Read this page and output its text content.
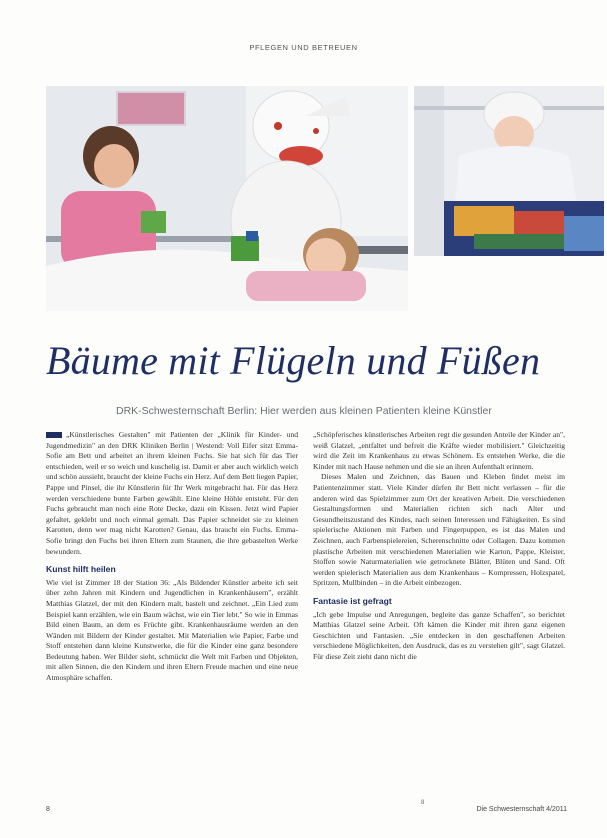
PFLEGEN UND BETREUEN
Bäume mit Flügeln und Füßen
DRK-Schwesternschaft Berlin: Hier werden aus kleinen Patienten kleine Künstler

„Künstlerisches Gestalten" mit Patienten der „Klinik für Kinder- und Jugendmedizin" an den DRK Kliniken Berlin | Westend: Voll Eifer sitzt Emma-Sofie am Bett und arbeitet an ihrem kleinen Fuchs. Sie hat sich für das Tier entschieden, weil er so weich und kuschelig ist. Damit er aber auch wirklich weich und schön aussieht, braucht der kleine Fuchs ein Herz. Auf dem Bett liegen Papier, Pappe und Pinsel, die ihr Künstlerin für Ihr Werk mitgebracht hat. Für das Herz werden verschiedene bunte Farben gewählt. Eine kleine Höhle entsteht. Für den Fuchs gebraucht man noch eine Rote Decke, dazu ein Kissen. Jetzt wird Papier gefaltet, geklebt und noch einmal gemalt. Das Papier schneidet sie zu kleinen Karotten, denn wer mag nicht Karotten? Genau, das braucht ein Fuchs. Emma-Sofie bringt den Fuchs bei ihren Eltern zum Staunen, die ihre gebastelten Werke bewundern.

Kunst hilft heilen

Wie viel ist Zimmer 18 der Station 36: „Als Bildender Künstler arbeite ich seit über zehn Jahren mit Kindern und Jugendlichen in Krankenhäusern", erzählt Matthias Glatzel, der mit den Kindern malt, bastelt und zeichnet. „Ein Lied zum Beispiel kann erzählen, wie ein Baum wächst, wie ein Tier lebt." So wie in Emmas Bild einen Baum, an dem es Früchte gibt. Krankenhausräume werden an den Wänden mit Bildern der Kinder gestaltet. Mit Materialien wie Papier, Farbe und Stoff entstehen dann kleine Kunstwerke, die für die Kinder eine ganz besondere Bedeutung haben. Wer Bilder sieht, schmückt die Welt mit Farben und Objekten, mit allen Sinnen, die den Kindern und ihren Eltern Freude machen und eine neue Atmosphäre schaffen.

„Schöpferisches künstlerisches Arbeiten regt die gesunden Anteile der Kinder an", weiß Glatzel, „entfaltet und befreit die Kräfte wieder mobilisiert." Gleichzeitig wird die Zeit im Krankenhaus zu etwas Schönem. Es entstehen Werke, die die Kinder mit nach Hause nehmen und die sie an ihren Aufenthalt erinnern.

Dieses Malen und Zeichnen, das Bauen und Kleben findet meist im Patientenzimmer statt. Viele Kinder dürfen ihr Bett nicht verlassen – für die anderen wird das Spielzimmer zum Ort der kreativen Arbeit. Die verschiedenen Gestaltungsformen und Materialien richten sich nach Alter und Gesundheitszustand des Kindes, nach seinen Interessen und Fähigkeiten. Es sind spielerische Aktionen mit Farben und Fingerpuppen, es ist das Malen und Zeichnen, auch Farbenspielereien, Scherenschnitte oder Collagen. Dazu kommen plastische Arbeiten mit verschiedenen Materialien wie Karton, Pappe, Kleister, Stoffen sowie Naturmaterialien wie getrocknete Blätter, Blüten und Sand. Oft werden spielerisch Materialien aus dem Krankenhaus – Kompressen, Holzspatel, Spritzen, Mullbinden – in die Arbeit einbezogen.

Fantasie ist gefragt

„Ich gebe Impulse und Anregungen, begleite das ganze Schaffen", so berichtet Matthias Glatzel seine Arbeit. Oft kämen die Kinder mit ihren ganz eigenen Geschichten und Fantasien. „Sie entdecken in den geschaffenen Arbeiten verschiedene Möglichkeiten, den Ausdruck, das es zu verstehen gilt", sagt Glatzel. Für diese Zeit zieht dann nicht die

8
8
Die Schwesternschaft 4/2011
